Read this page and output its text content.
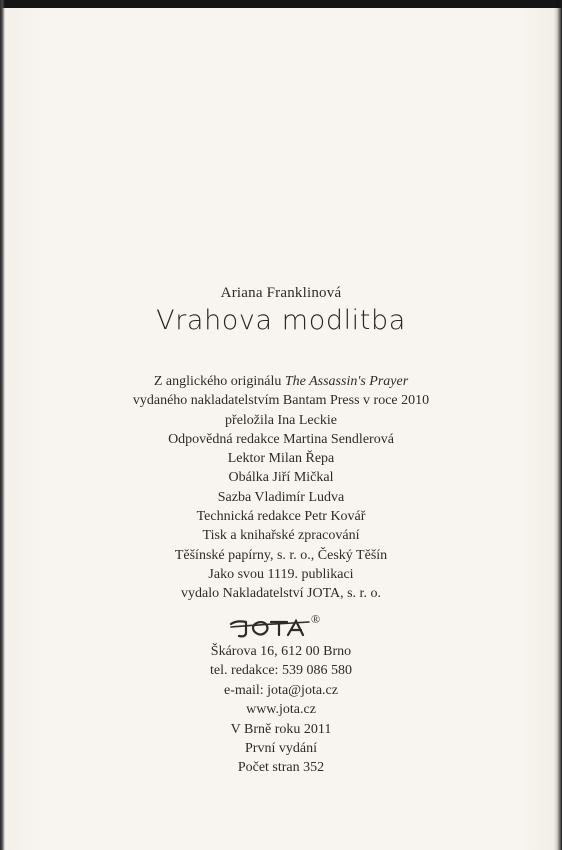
Ariana Franklinová
Vrahova modlitba
Z anglického originálu The Assassin's Prayer
vydaného nakladatelstvím Bantam Press v roce 2010
přeložila Ina Leckie
Odpovědná redakce Martina Sendlerová
Lektor Milan Řepa
Obálka Jiří Mičkal
Sazba Vladimír Ludva
Technická redakce Petr Kovář
Tisk a knihařské zpracování
Těšínské papírny, s. r. o., Český Těšín
Jako svou 1119. publikaci
vydalo Nakladatelství JOTA, s. r. o.
®
Škárova 16, 612 00 Brno
tel. redakce: 539 086 580
e-mail: jota@jota.cz
www.jota.cz
V Brně roku 2011
První vydání
Počet stran 352
